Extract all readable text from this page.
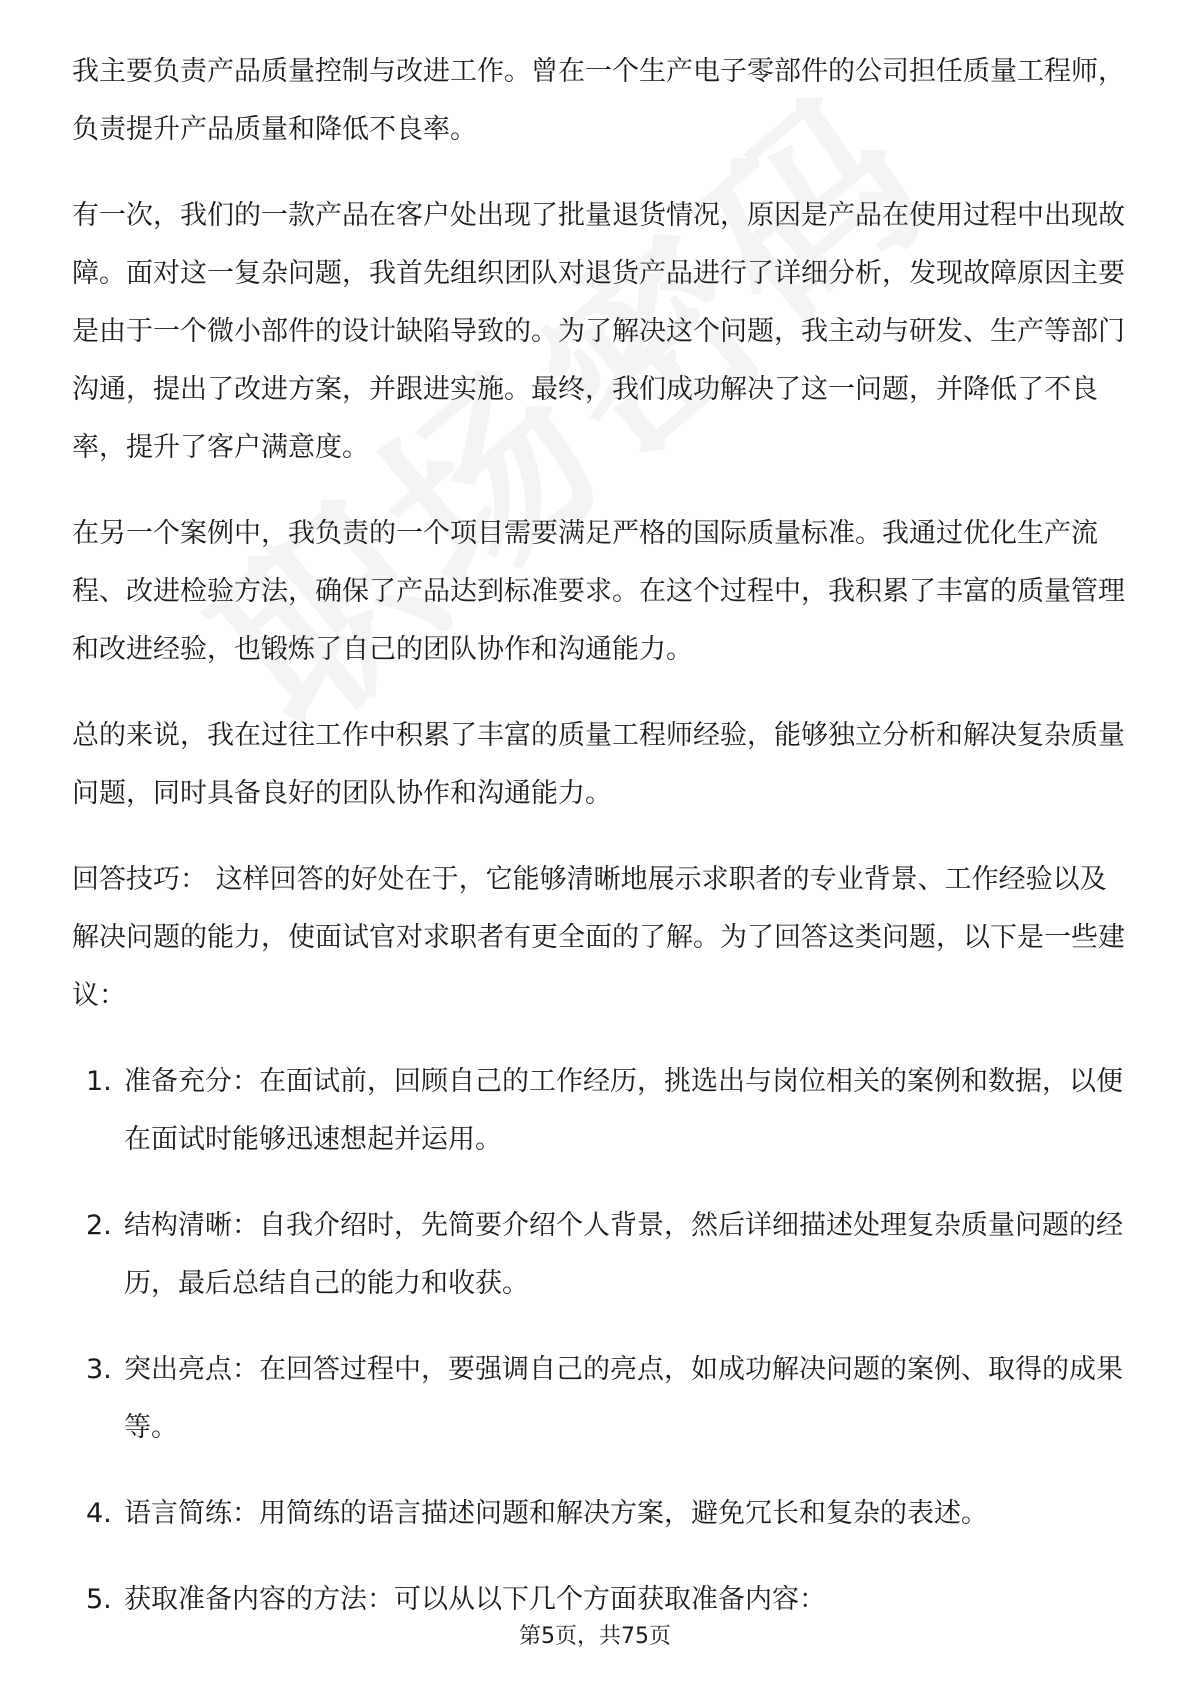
我主要负责产品质量控制与改进工作。曾在一个生产电子零部件的公司担任质量工程师，负责提升产品质量和降低不良率。

有一次，我们的一款产品在客户处出现了批量退货情况，原因是产品在使用过程中出现故障。面对这一复杂问题，我首先组织团队对退货产品进行了详细分析，发现故障原因主要是由于一个微小部件的设计缺陷导致的。为了解决这个问题，我主动与研发、生产等部门沟通，提出了改进方案，并跟进实施。最终，我们成功解决了这一问题，并降低了不良率，提升了客户满意度。

在另一个案例中，我负责的一个项目需要满足严格的国际质量标准。我通过优化生产流程、改进检验方法，确保了产品达到标准要求。在这个过程中，我积累了丰富的质量管理和改进经验，也锻炼了自己的团队协作和沟通能力。

总的来说，我在过往工作中积累了丰富的质量工程师经验，能够独立分析和解决复杂质量问题，同时具备良好的团队协作和沟通能力。

回答技巧： 这样回答的好处在于，它能够清晰地展示求职者的专业背景、工作经验以及解决问题的能力，使面试官对求职者有更全面的了解。为了回答这类问题，以下是一些建议：

1. 准备充分：在面试前，回顾自己的工作经历，挑选出与岗位相关的案例和数据，以便在面试时能够迅速想起并运用。
2. 结构清晰：自我介绍时，先简要介绍个人背景，然后详细描述处理复杂质量问题的经历，最后总结自己的能力和收获。
3. 突出亮点：在回答过程中，要强调自己的亮点，如成功解决问题的案例、取得的成果等。
4. 语言简练：用简练的语言描述问题和解决方案，避免冗长和复杂的表述。
5. 获取准备内容的方法：可以从以下几个方面获取准备内容：
第5页，共75页
